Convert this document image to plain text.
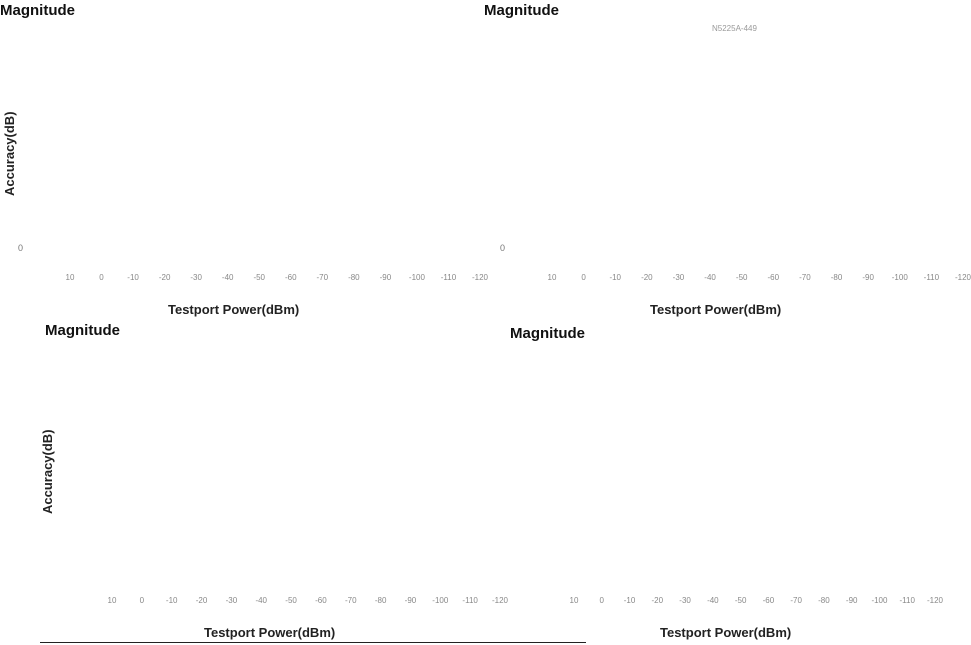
Magnitude
Accuracy(dB)
0
10	0	-10 -20 -30 -40 -50 -60 -70 -80 -90 -100 -110 -120
Testport Power(dBm)
Magnitude
N5225A-449
0
10	0	-10	-20	-30	-40	-50	-60	-70	-80	-90 -100 -110 -120
Testport Power(dBm)
Magnitude
Accuracy(dB)
10	0	-10 -20 -30 -40 -50 -60 -70 -80 -90 -100 -110 -120
Testport Power(dBm)
Magnitude
10	0 -10 -20 -30 -40 -50 -60 -70 -80 -90 -100 -110 -120
Testport Power(dBm)
